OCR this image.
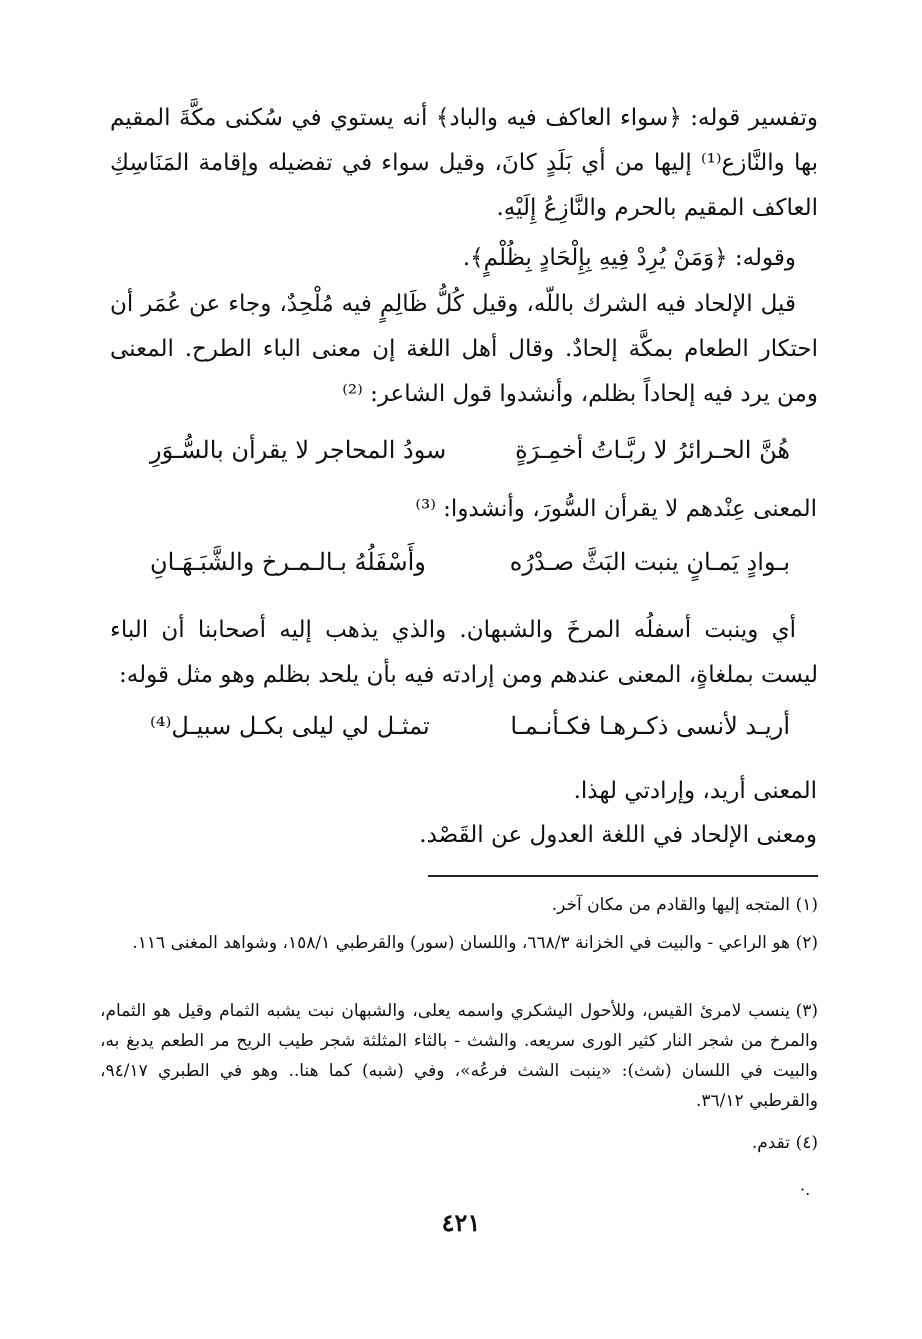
وتفسير قوله: ﴿سواء العاكف فيه والباد﴾ أنه يستوي في سُكنى مكَّةَ المقيم بها والنَّازع⁽¹⁾ إليها من أي بَلَدٍ كانَ، وقيل سواء في تفضيله وإقامة المَنَاسِكِ العاكف المقيم بالحرم والنَّازِعُ إِلَيْهِ.

وقوله: ﴿وَمَنْ يُرِدْ فِيهِ بِإِلْحَادٍ بِظُلْمٍ﴾.

قيل الإلحاد فيه الشرك باللّه، وقيل كُلُّ ظَالِمٍ فيه مُلْحِدٌ، وجاء عن عُمَر أن احتكار الطعام بمكَّة إلحادٌ. وقال أهل اللغة إن معنى الباء الطرح. المعنى ومن يرد فيه إلحاداً بظلم، وأنشدوا قول الشاعر: ⁽²⁾

هُنَّ الحـرائرُ لا ربَّـاتُ أخمِـرَةٍ
سودُ المحاجر لا يقرأن بالسُّـوَرِ
المعنى عِنْدهم لا يقرأن السُّورَ، وأنشدوا: ⁽³⁾
بـوادٍ يَمـانٍ ينبت البَثَّ صـدْرُه
وأَسْفَلُهُ بـالـمـرخ والشَّبَـهَـانِ

أي وينبت أسفلُه المرخَ والشبهان. والذي يذهب إليه أصحابنا أن الباء ليست بملغاةٍ، المعنى عندهم ومن إرادته فيه بأن يلحد بظلم وهو مثل قوله:

أريـد لأنسى ذكـرهـا فكـأنـمـا
تمثـل لي ليلى بكـل سبيـل⁽⁴⁾
المعنى أريد، وإرادتي لهذا.
ومعنى الإلحاد في اللغة العدول عن القَصْد.
(١)المتجه إليها والقادم من مكان آخر.
(٢)هو الراعي - والبيت في الخزانة ٦٦٨/٣، واللسان (سور) والقرطبي ١٥٨/١، وشواهد المغنى ١١٦.
(٣)ينسب لامرئ القيس، وللأحول اليشكري واسمه يعلى، والشبهان نبت يشبه الثمام وقيل هو الثمام، والمرخ من شجر النار كثير الورى سريعه. والشث - بالثاء المثلثة شجر طيب الريح مر الطعم يدبغ به، والبيت في اللسان (شث): «ينبت الشث فرعُه»، وفي (شبه) كما هنا.. وهو في الطبري ٩٤/١٧، والقرطبي ٣٦/١٢.
(٤)تقدم.
·.
٤٢١
